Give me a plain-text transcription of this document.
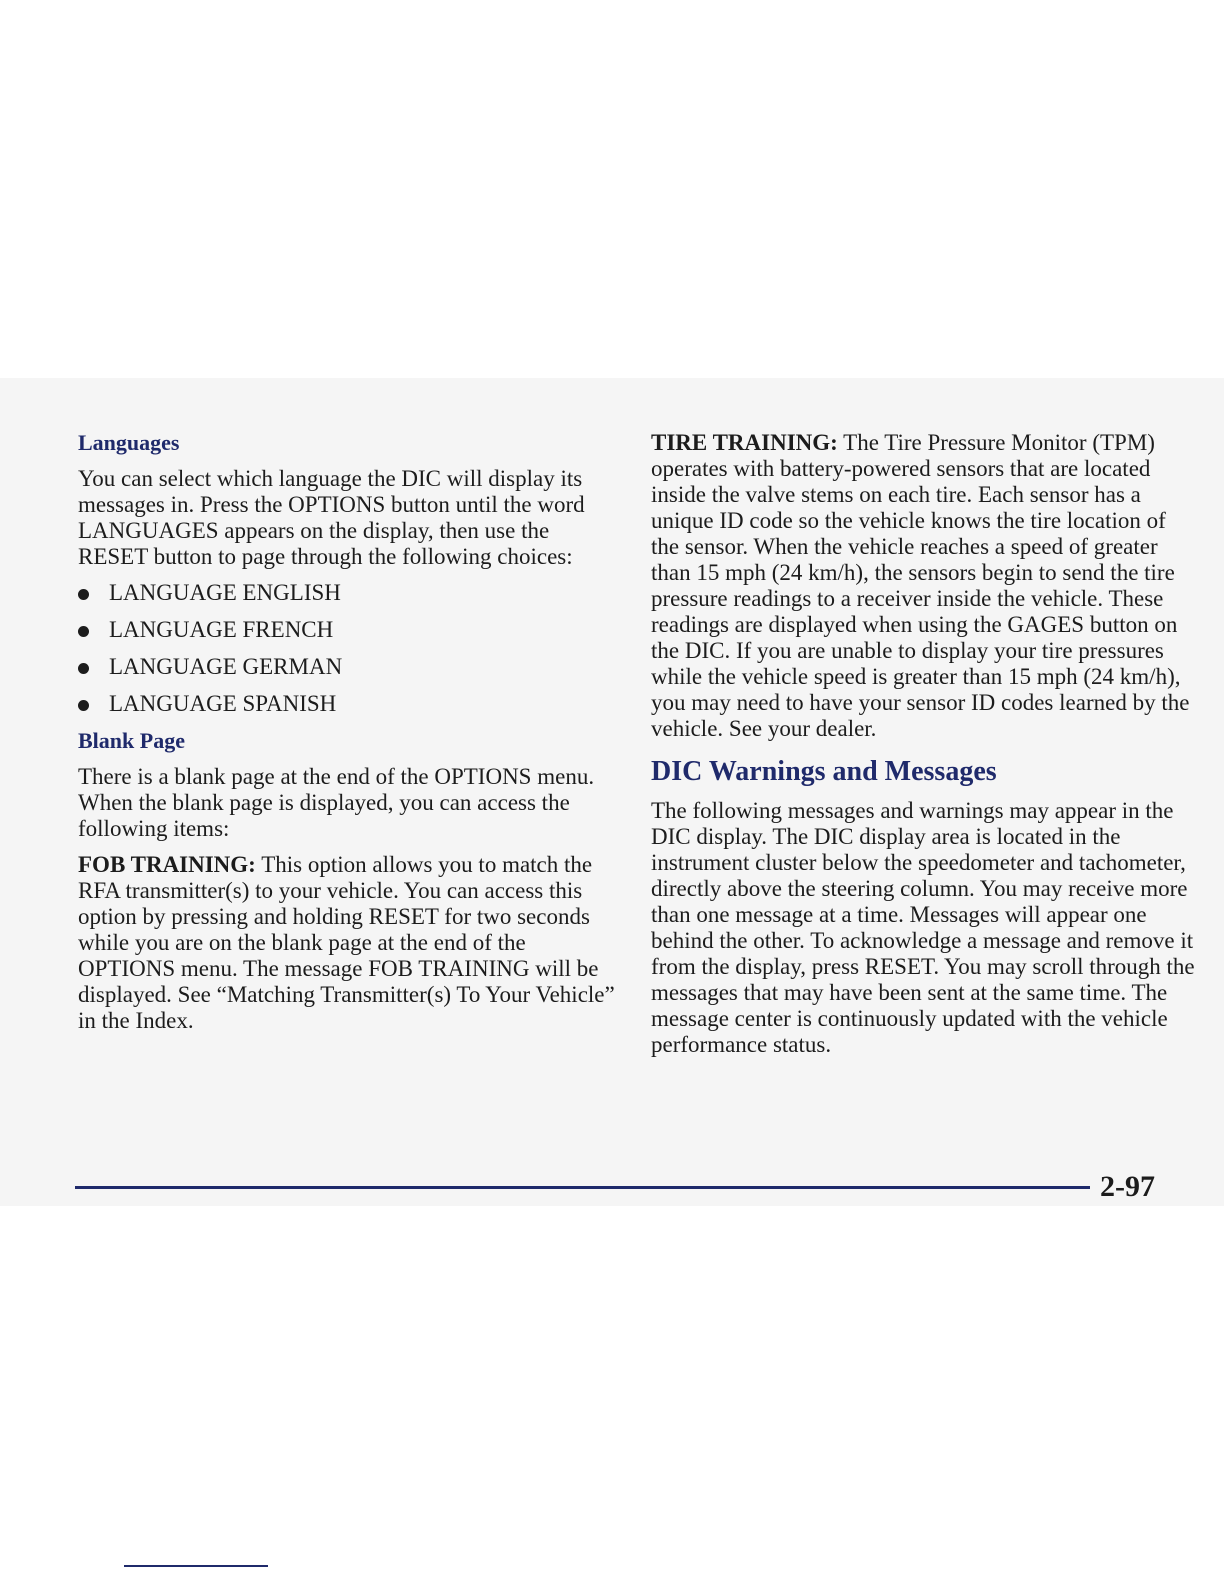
Languages

You can select which language the DIC will display its messages in. Press the OPTIONS button until the word LANGUAGES appears on the display, then use the RESET button to page through the following choices:

LANGUAGE ENGLISH
LANGUAGE FRENCH
LANGUAGE GERMAN
LANGUAGE SPANISH
Blank Page

There is a blank page at the end of the OPTIONS menu. When the blank page is displayed, you can access the following items:

FOB TRAINING: This option allows you to match the RFA transmitter(s) to your vehicle. You can access this option by pressing and holding RESET for two seconds while you are on the blank page at the end of the OPTIONS menu. The message FOB TRAINING will be displayed. See “Matching Transmitter(s) To Your Vehicle” in the Index.

TIRE TRAINING: The Tire Pressure Monitor (TPM) operates with battery-powered sensors that are located inside the valve stems on each tire. Each sensor has a unique ID code so the vehicle knows the tire location of the sensor. When the vehicle reaches a speed of greater than 15 mph (24 km/h), the sensors begin to send the tire pressure readings to a receiver inside the vehicle. These readings are displayed when using the GAGES button on the DIC. If you are unable to display your tire pressures while the vehicle speed is greater than 15 mph (24 km/h), you may need to have your sensor ID codes learned by the vehicle. See your dealer.

DIC Warnings and Messages

The following messages and warnings may appear in the DIC display. The DIC display area is located in the instrument cluster below the speedometer and tachometer, directly above the steering column. You may receive more than one message at a time. Messages will appear one behind the other. To acknowledge a message and remove it from the display, press RESET. You may scroll through the messages that may have been sent at the same time. The message center is continuously updated with the vehicle performance status.

2-97
